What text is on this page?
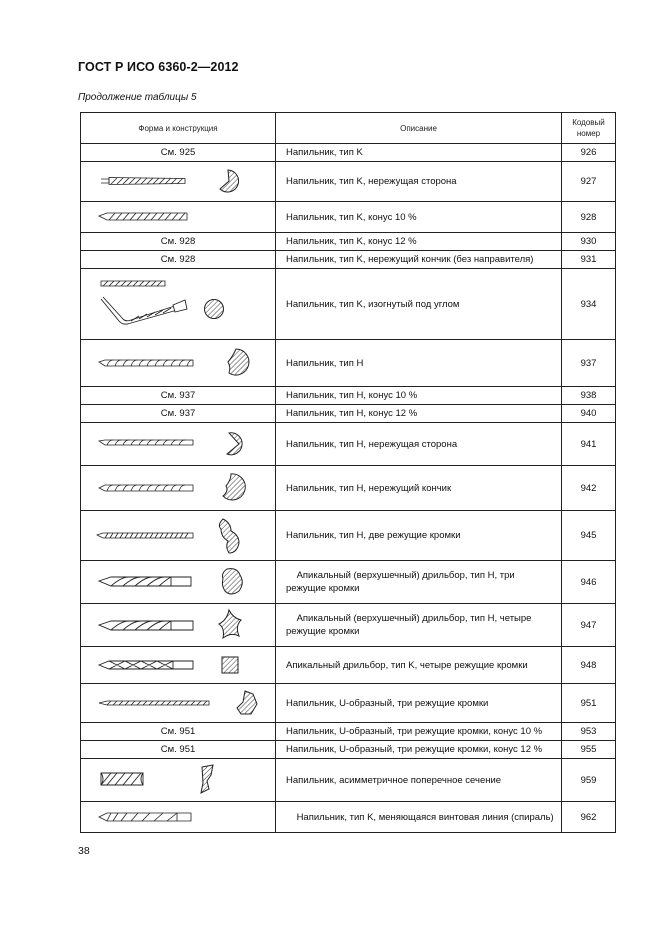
ГОСТ Р ИСО 6360-2—2012
Продолжение таблицы 5
Форма и конструкция	Описание	Кодовый номер
См. 925	Напильник, тип K	926

	Напильник, тип K, нережущая сторона	927

	Напильник, тип K, конус 10 %	928
См. 928	Напильник, тип K, конус 12 %	930
См. 928	Напильник, тип K, нережущий кончик (без направителя)	931

	Напильник, тип K, изогнутый под углом	934

	Напильник, тип H	937
См. 937	Напильник, тип H, конус 10 %	938
См. 937	Напильник, тип H, конус 12 %	940

	Напильник, тип H, нережущая сторона	941

	Напильник, тип H, нережущий кончик	942

	Напильник, тип H, две режущие кромки	945

	Апикальный (верхушечный) дрильбор, тип H, три режущие кромки	946

	Апикальный (верхушечный) дрильбор, тип H, четыре режущие кромки	947

	Апикальный дрильбор, тип K, четыре режущие кромки	948

	Напильник, U-образный, три режущие кромки	951
См. 951	Напильник, U-образный, три режущие кромки, конус 10 %	953
См. 951	Напильник, U-образный, три режущие кромки, конус 12 %	955

	Напильник, асимметричное поперечное сечение	959

	Напильник, тип K, меняющаяся винтовая линия (спираль)	962
38
